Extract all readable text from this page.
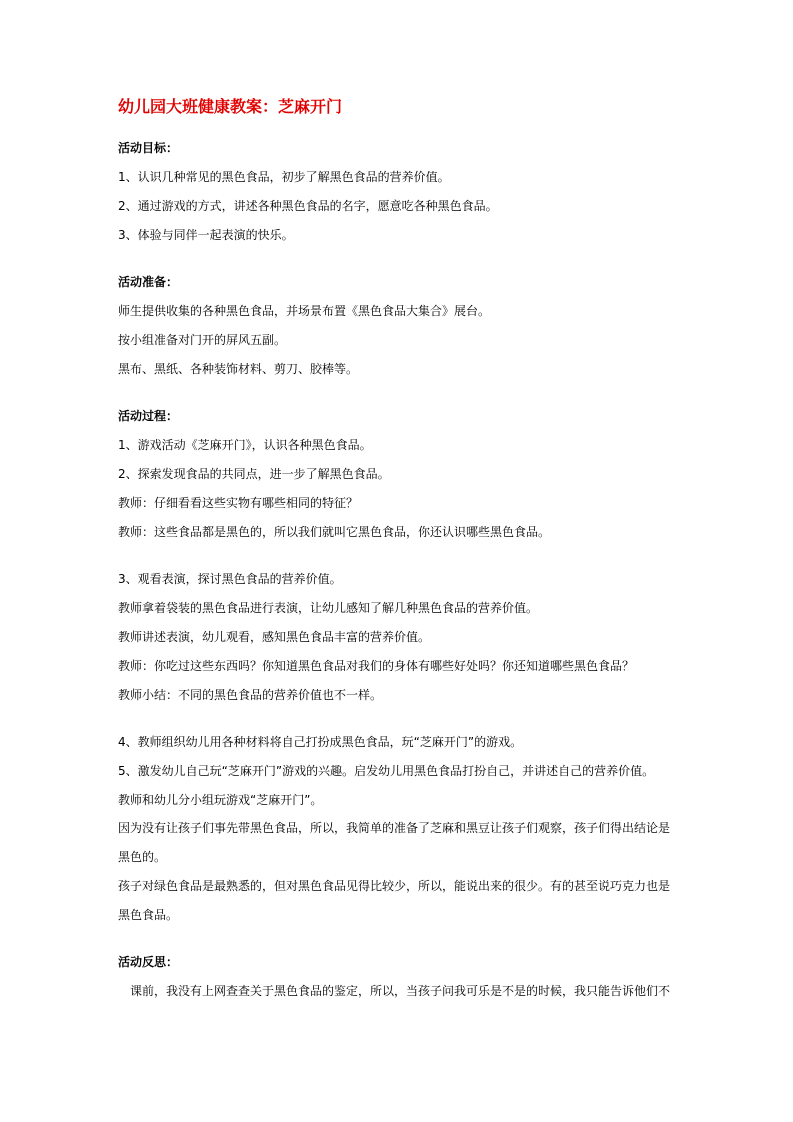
幼儿园大班健康教案：芝麻开门
活动目标：
1、认识几种常见的黑色食品，初步了解黑色食品的营养价值。
2、通过游戏的方式，讲述各种黑色食品的名字，愿意吃各种黑色食品。
3、体验与同伴一起表演的快乐。
活动准备：
师生提供收集的各种黑色食品，并场景布置《黑色食品大集合》展台。
按小组准备对门开的屏风五副。
黑布、黑纸、各种装饰材料、剪刀、胶棒等。
活动过程：
1、游戏活动《芝麻开门》，认识各种黑色食品。
2、探索发现食品的共同点，进一步了解黑色食品。
教师：仔细看看这些实物有哪些相同的特征？
教师：这些食品都是黑色的，所以我们就叫它黑色食品，你还认识哪些黑色食品。
3、观看表演，探讨黑色食品的营养价值。
教师拿着袋装的黑色食品进行表演，让幼儿感知了解几种黑色食品的营养价值。
教师讲述表演，幼儿观看，感知黑色食品丰富的营养价值。
教师：你吃过这些东西吗？你知道黑色食品对我们的身体有哪些好处吗？你还知道哪些黑色食品？
教师小结：不同的黑色食品的营养价值也不一样。
4、教师组织幼儿用各种材料将自己打扮成黑色食品，玩“芝麻开门”的游戏。
5、激发幼儿自己玩“芝麻开门”游戏的兴趣。启发幼儿用黑色食品打扮自己，并讲述自己的营养价值。
教师和幼儿分小组玩游戏“芝麻开门”。
因为没有让孩子们事先带黑色食品，所以，我简单的准备了芝麻和黑豆让孩子们观察，孩子们得出结论是黑色的。
孩子对绿色食品是最熟悉的，但对黑色食品见得比较少，所以，能说出来的很少。有的甚至说巧克力也是黑色食品。
活动反思：
课前，我没有上网查查关于黑色食品的鉴定，所以，当孩子问我可乐是不是的时候，我只能告诉他们不
